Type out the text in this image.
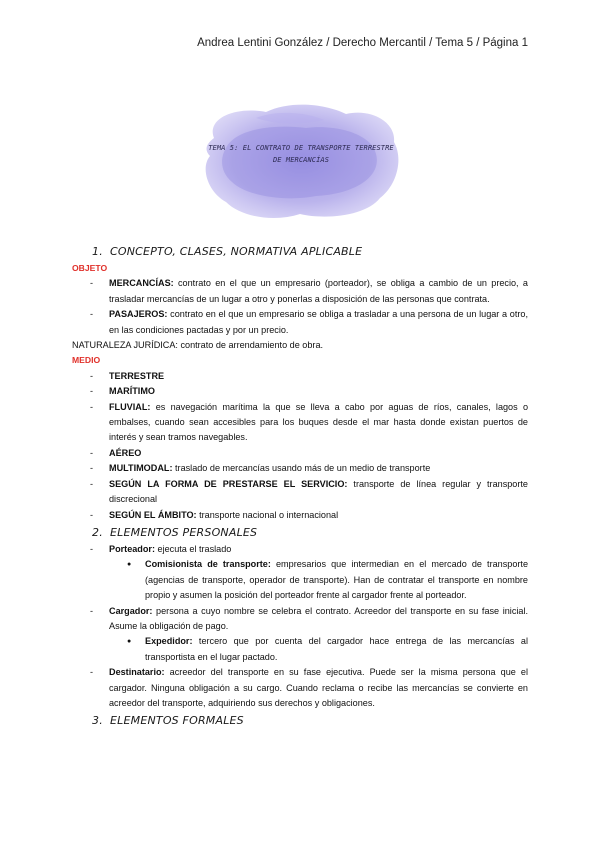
Andrea Lentini González / Derecho Mercantil / Tema 5 / Página 1
TEMA 5: EL CONTRATO DE TRANSPORTE TERRESTRE
DE MERCANCÍAS

1. CONCEPTO, CLASES, NORMATIVA APLICABLE

OBJETO

- MERCANCÍAS: contrato en el que un empresario (porteador), se obliga a cambio de un precio, a trasladar mercancías de un lugar a otro y ponerlas a disposición de las personas que contrata.
- PASAJEROS: contrato en el que un empresario se obliga a trasladar a una persona de un lugar a otro, en las condiciones pactadas y por un precio.

NATURALEZA JURÍDICA: contrato de arrendamiento de obra.

MEDIO

- TERRESTRE
- MARÍTIMO
- FLUVIAL: es navegación marítima la que se lleva a cabo por aguas de ríos, canales, lagos o embalses, cuando sean accesibles para los buques desde el mar hasta donde existan puertos de interés y sean tramos navegables.
- AÉREO
- MULTIMODAL: traslado de mercancías usando más de un medio de transporte
- SEGÚN LA FORMA DE PRESTARSE EL SERVICIO: transporte de línea regular y transporte discrecional
- SEGÚN EL ÁMBITO: transporte nacional o internacional

2. ELEMENTOS PERSONALES

- Porteador: ejecuta el traslado
● Comisionista de transporte: empresarios que intermedian en el mercado de transporte (agencias de transporte, operador de transporte). Han de contratar el transporte en nombre propio y asumen la posición del porteador frente al cargador frente al porteador.
- Cargador: persona a cuyo nombre se celebra el contrato. Acreedor del transporte en su fase inicial. Asume la obligación de pago.
● Expedidor: tercero que por cuenta del cargador hace entrega de las mercancías al transportista en el lugar pactado.
- Destinatario: acreedor del transporte en su fase ejecutiva. Puede ser la misma persona que el cargador. Ninguna obligación a su cargo. Cuando reclama o recibe las mercancías se convierte en acreedor del transporte, adquiriendo sus derechos y obligaciones.

3. ELEMENTOS FORMALES
